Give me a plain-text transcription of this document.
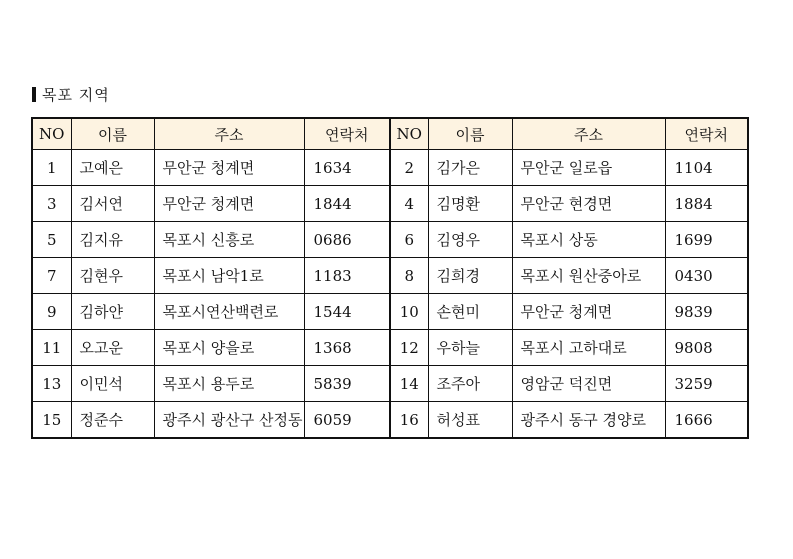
목포 지역
NO	이름	주소	연락처	NO	이름	주소	연락처
1	고예은	무안군 청계면	1634	2	김가은	무안군 일로읍	1104
3	김서연	무안군 청계면	1844	4	김명환	무안군 현경면	1884
5	김지유	목포시 신흥로	0686	6	김영우	목포시 상동	1699
7	김현우	목포시 남악1로	1183	8	김희경	목포시 원산중아로	0430
9	김하얀	목포시연산백련로	1544	10	손현미	무안군 청계면	9839
11	오고운	목포시 양을로	1368	12	우하늘	목포시 고하대로	9808
13	이민석	목포시 용두로	5839	14	조주아	영암군 덕진면	3259
15	정준수	광주시 광산구 산정동	6059	16	허성표	광주시 동구 경양로	1666
